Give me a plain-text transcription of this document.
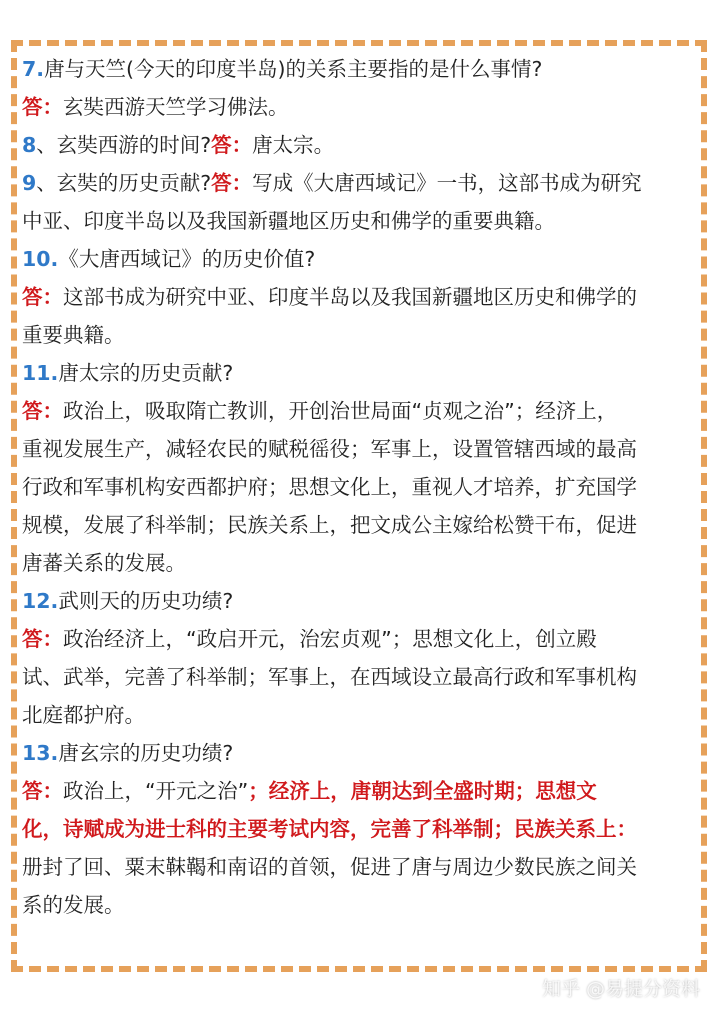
7.唐与天竺(今天的印度半岛)的关系主要指的是什么事情?
答：玄奘西游天竺学习佛法。
8、玄奘西游的时间?答：唐太宗。
9、玄奘的历史贡献?答：写成《大唐西域记》一书，这部书成为研究
中亚、印度半岛以及我国新疆地区历史和佛学的重要典籍。
10.《大唐西域记》的历史价值?
答：这部书成为研究中亚、印度半岛以及我国新疆地区历史和佛学的
重要典籍。
11.唐太宗的历史贡献?
答：政治上，吸取隋亡教训，开创治世局面“贞观之治”；经济上，
重视发展生产，减轻农民的赋税徭役；军事上，设置管辖西域的最高
行政和军事机构安西都护府；思想文化上，重视人才培养，扩充国学
规模，发展了科举制；民族关系上，把文成公主嫁给松赞干布，促进
唐蕃关系的发展。
12.武则天的历史功绩?
答：政治经济上，“政启开元，治宏贞观”；思想文化上，创立殿
试、武举，完善了科举制；军事上，在西域设立最高行政和军事机构
北庭都护府。
13.唐玄宗的历史功绩?
答：政治上，“开元之治”；经济上，唐朝达到全盛时期；思想文
化，诗赋成为进士科的主要考试内容，完善了科举制；民族关系上：
册封了回、粟末靺鞨和南诏的首领，促进了唐与周边少数民族之间关
系的发展。
知乎 @易提分资料
